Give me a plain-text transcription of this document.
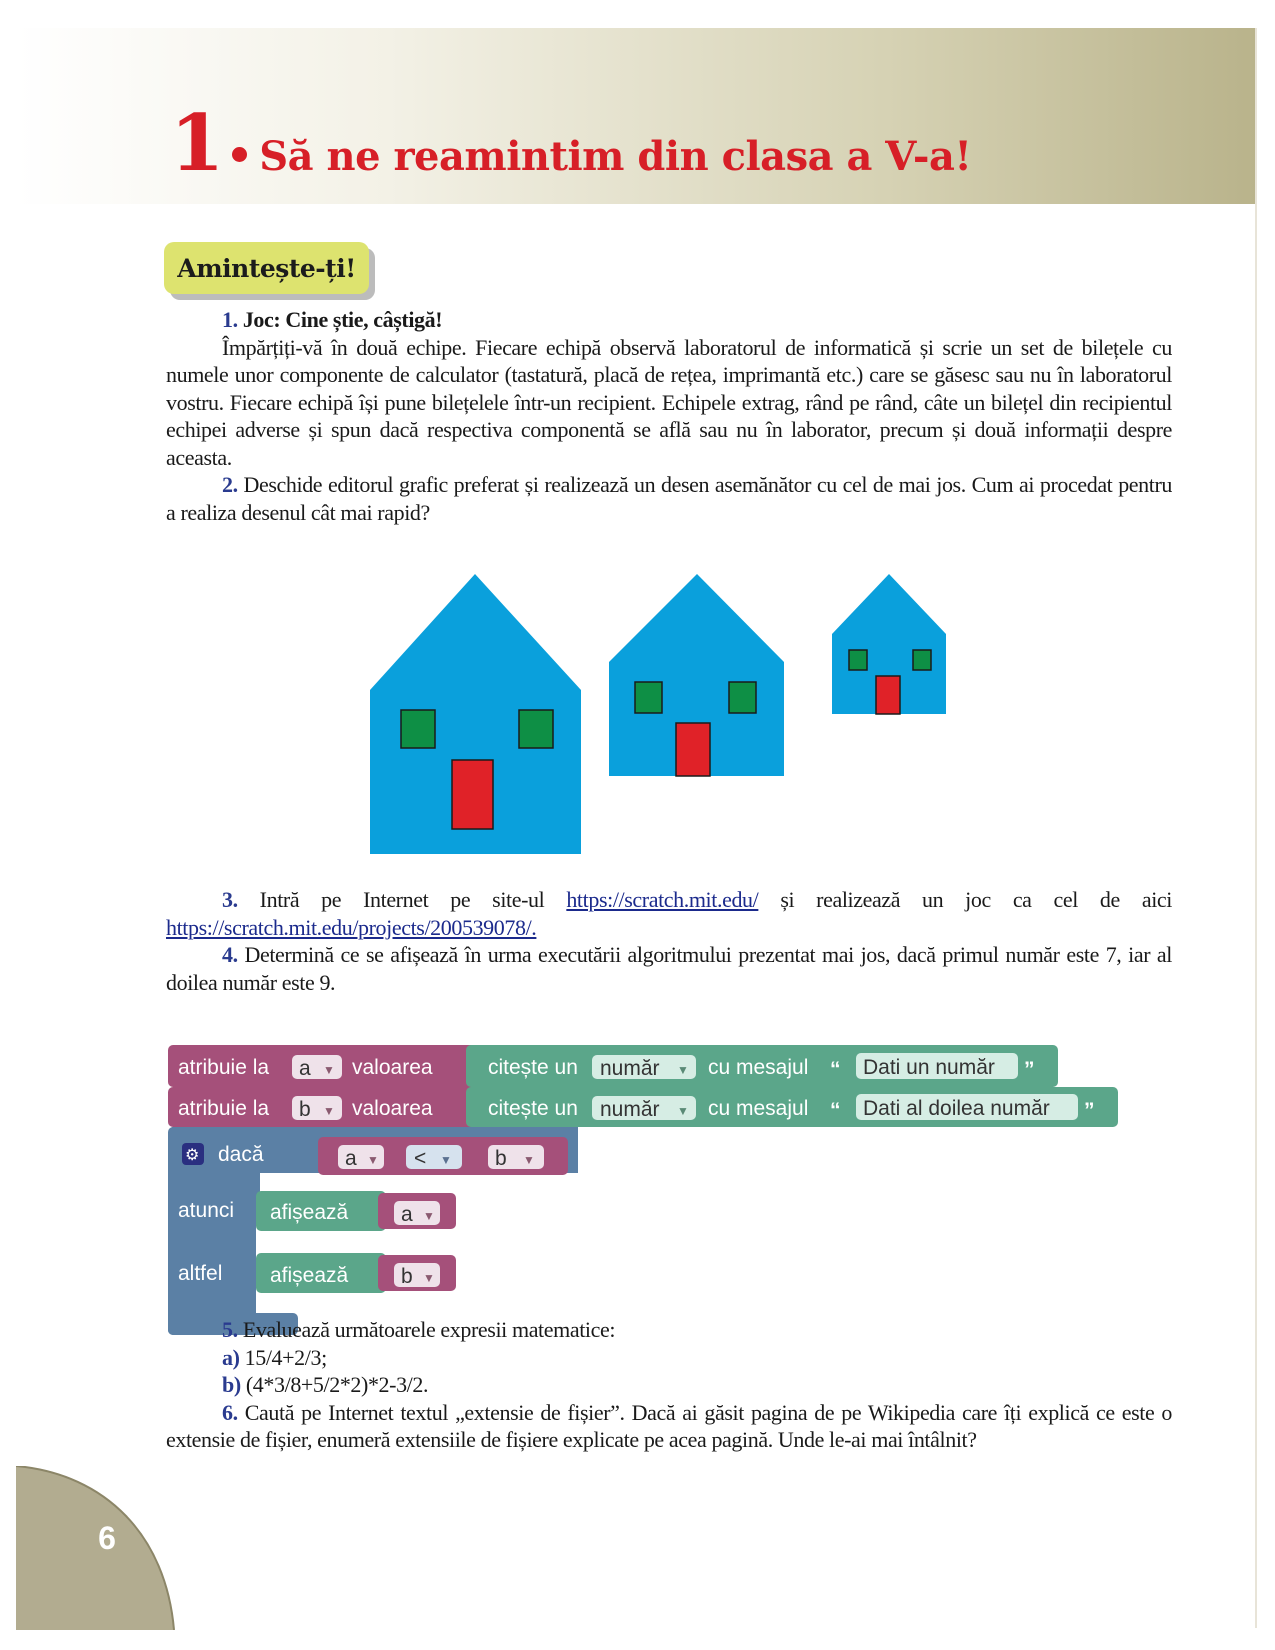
1 Să ne reamintim din clasa a V-a!
Amintește-ți!

1. Joc: Cine știe, câștigă!

Împărțiți-vă în două echipe. Fiecare echipă observă laboratorul de informatică și scrie un set de bilețele cu numele unor componente de calculator (tastatură, placă de rețea, imprimantă etc.) care se găsesc sau nu în laboratorul vostru. Fiecare echipă își pune bilețelele într-un recipient. Echipele extrag, rând pe rând, câte un bilețel din recipientul echipei adverse și spun dacă respectiva componentă se află sau nu în laborator, precum și două informații despre aceasta.

2. Deschide editorul grafic preferat și realizează un desen asemănător cu cel de mai jos. Cum ai procedat pentru a realiza desenul cât mai rapid?

3. Intră pe Internet pe site-ul https://scratch.mit.edu/ și realizează un joc ca cel de aici https://scratch.mit.edu/projects/200539078/.

4. Determină ce se afișează în urma executării algoritmului prezentat mai jos, dacă primul număr este 7, iar al doilea număr este 9.

atribuie la a ▼ valoarea	citește un număr ▼ cu mesajul “ Dati un număr ”
atribuie la b ▼ valoarea	citește un număr ▼ cu mesajul “ Dati al doilea număr ”
⚙ dacă	a ▼ < ▼ b ▼
atunci afișează	a ▼
altfel afișează	b ▼

5. Evaluează următoarele expresii matematice:

a) 15/4+2/3;

b) (4*3/8+5/2*2)*2-3/2.

6. Caută pe Internet textul „extensie de fișier”. Dacă ai găsit pagina de pe Wikipedia care îți explică ce este o extensie de fișier, enumeră extensiile de fișiere explicate pe acea pagină. Unde le-ai mai întâlnit?

6
